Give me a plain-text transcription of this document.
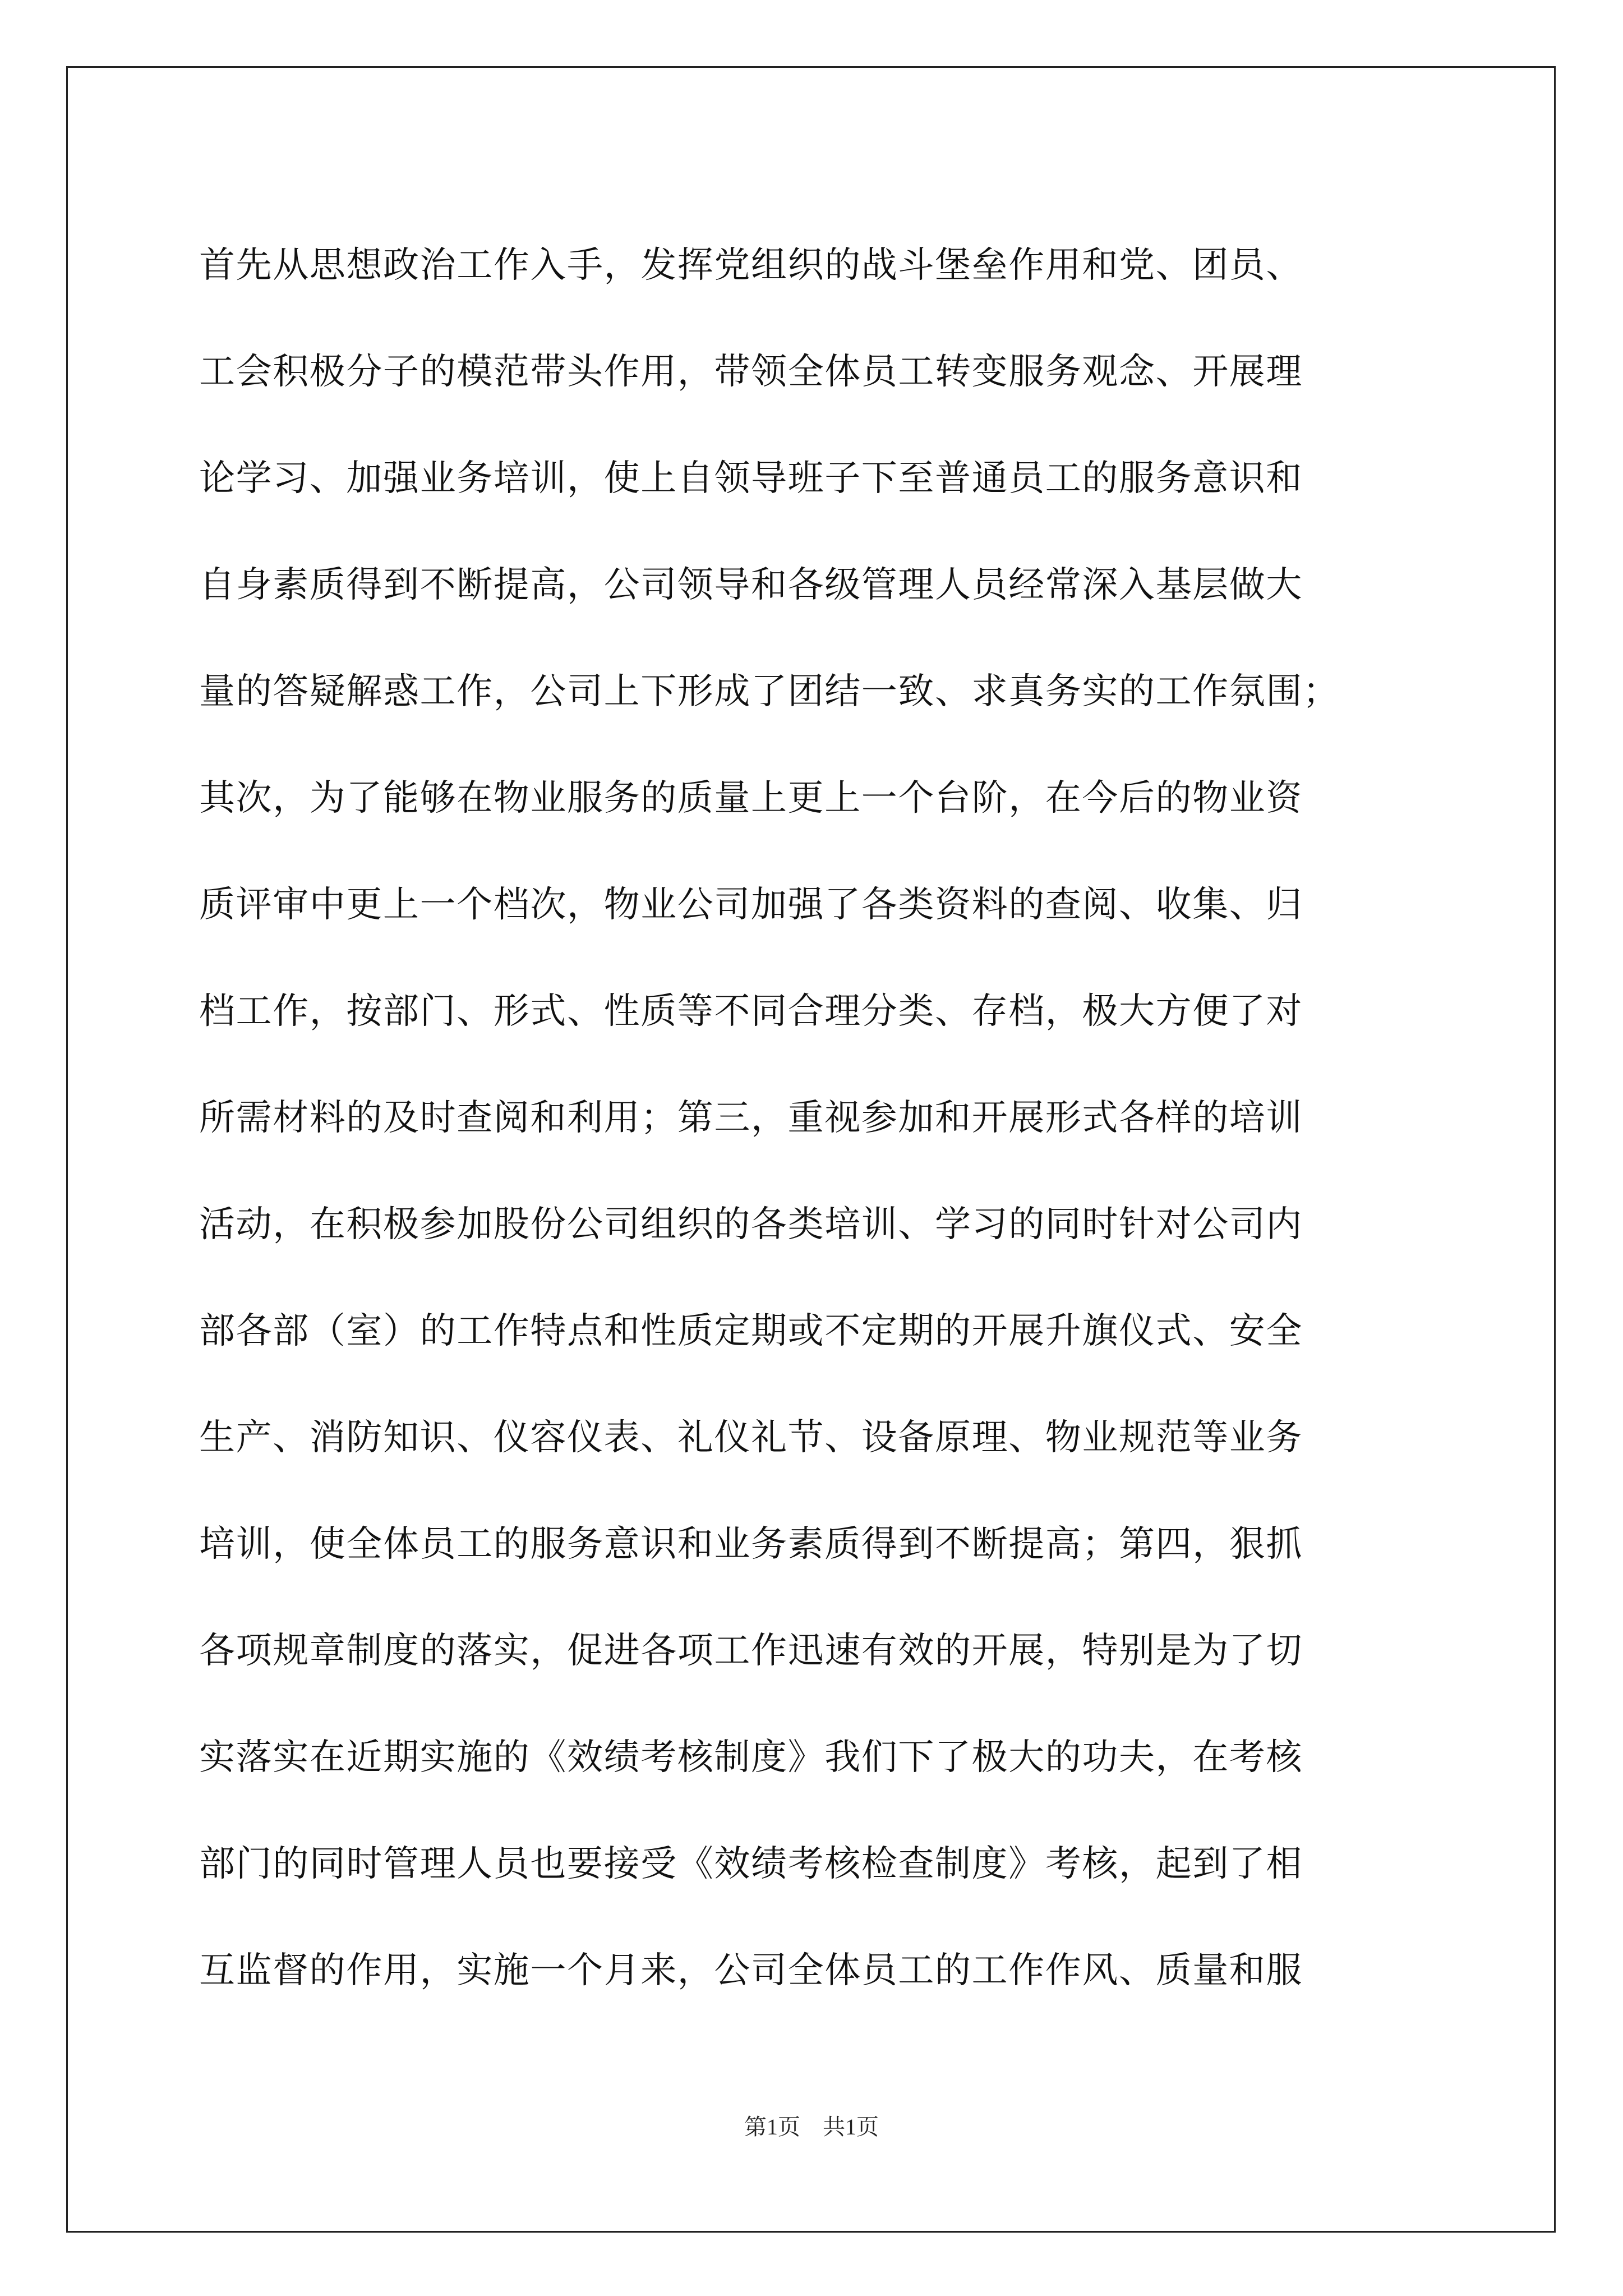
首先从思想政治工作入手，发挥党组织的战斗堡垒作用和党、团员、
工会积极分子的模范带头作用，带领全体员工转变服务观念、开展理
论学习、加强业务培训，使上自领导班子下至普通员工的服务意识和
自身素质得到不断提高，公司领导和各级管理人员经常深入基层做大
量的答疑解惑工作，公司上下形成了团结一致、求真务实的工作氛围；
其次，为了能够在物业服务的质量上更上一个台阶，在今后的物业资
质评审中更上一个档次，物业公司加强了各类资料的查阅、收集、归
档工作，按部门、形式、性质等不同合理分类、存档，极大方便了对
所需材料的及时查阅和利用；第三，重视参加和开展形式各样的培训
活动，在积极参加股份公司组织的各类培训、学习的同时针对公司内
部各部（室）的工作特点和性质定期或不定期的开展升旗仪式、安全
生产、消防知识、仪容仪表、礼仪礼节、设备原理、物业规范等业务
培训，使全体员工的服务意识和业务素质得到不断提高；第四，狠抓
各项规章制度的落实，促进各项工作迅速有效的开展，特别是为了切
实落实在近期实施的《效绩考核制度》我们下了极大的功夫，在考核
部门的同时管理人员也要接受《效绩考核检查制度》考核，起到了相
互监督的作用，实施一个月来，公司全体员工的工作作风、质量和服
第1页　共1页
